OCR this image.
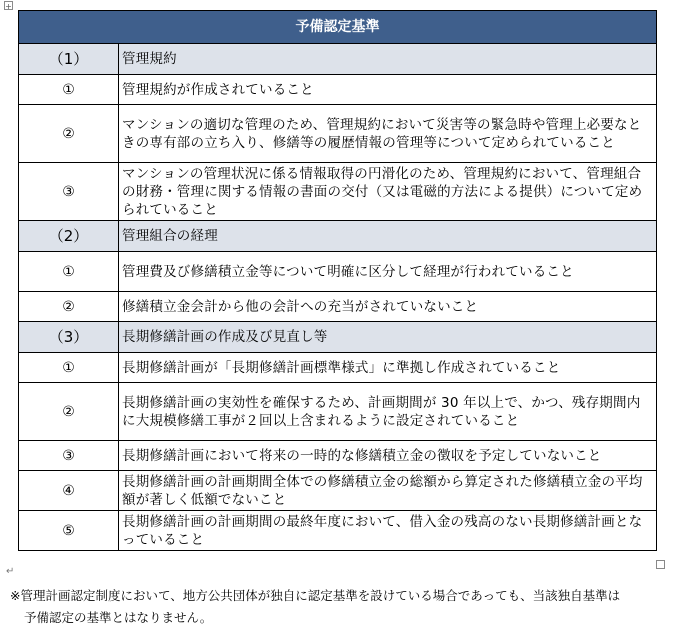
+
予備認定基準	
（1）	管理規約
①	管理規約が作成されていること
②	マンションの適切な管理のため、管理規約において災害等の緊急時や管理上必要なときの専有部の立ち入り、修繕等の履歴情報の管理等について定められていること
③	マンションの管理状況に係る情報取得の円滑化のため、管理規約において、管理組合の財務・管理に関する情報の書面の交付（又は電磁的方法による提供）について定められていること
（2）	管理組合の経理
①	管理費及び修繕積立金等について明確に区分して経理が行われていること
②	修繕積立金会計から他の会計への充当がされていないこと
（3）	長期修繕計画の作成及び見直し等
①	長期修繕計画が「長期修繕計画標準様式」に準拠し作成されていること
②	長期修繕計画の実効性を確保するため、計画期間が 30 年以上で、かつ、残存期間内に大規模修繕工事が２回以上含まれるように設定されていること
③	長期修繕計画において将来の一時的な修繕積立金の徴収を予定していないこと
④	長期修繕計画の計画期間全体での修繕積立金の総額から算定された修繕積立金の平均額が著しく低額でないこと
⑤	長期修繕計画の計画期間の最終年度において、借入金の残高のない長期修繕計画となっていること
↵
※管理計画認定制度において、地方公共団体が独自に認定基準を設けている場合であっても、当該独自基準は
予備認定の基準とはなりません。
